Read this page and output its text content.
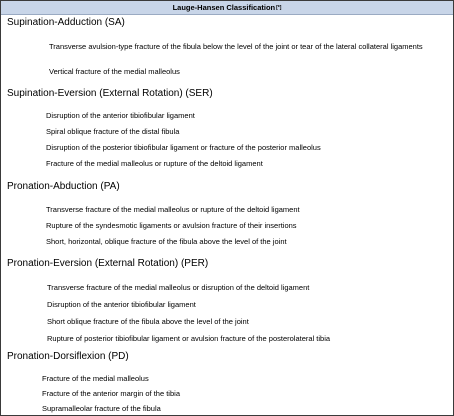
Lauge-Hansen Classification[*]
Supination-Adduction (SA)
Transverse avulsion-type fracture of the fibula below the level of the joint or tear of the lateral collateral ligaments
Vertical fracture of the medial malleolus
Supination-Eversion (External Rotation) (SER)
Disruption of the anterior tibiofibular ligament
Spiral oblique fracture of the distal fibula
Disruption of the posterior tibiofibular ligament or fracture of the posterior malleolus
Fracture of the medial malleolus or rupture of the deltoid ligament
Pronation-Abduction (PA)
Transverse fracture of the medial malleolus or rupture of the deltoid ligament
Rupture of the syndesmotic ligaments or avulsion fracture of their insertions
Short, horizontal, oblique fracture of the fibula above the level of the joint
Pronation-Eversion (External Rotation) (PER)
Transverse fracture of the medial malleolus or disruption of the deltoid ligament
Disruption of the anterior tibiofibular ligament
Short oblique fracture of the fibula above the level of the joint
Rupture of posterior tibiofibular ligament or avulsion fracture of the posterolateral tibia
Pronation-Dorsiflexion (PD)
Fracture of the medial malleolus
Fracture of the anterior margin of the tibia
Supramalleolar fracture of the fibula
